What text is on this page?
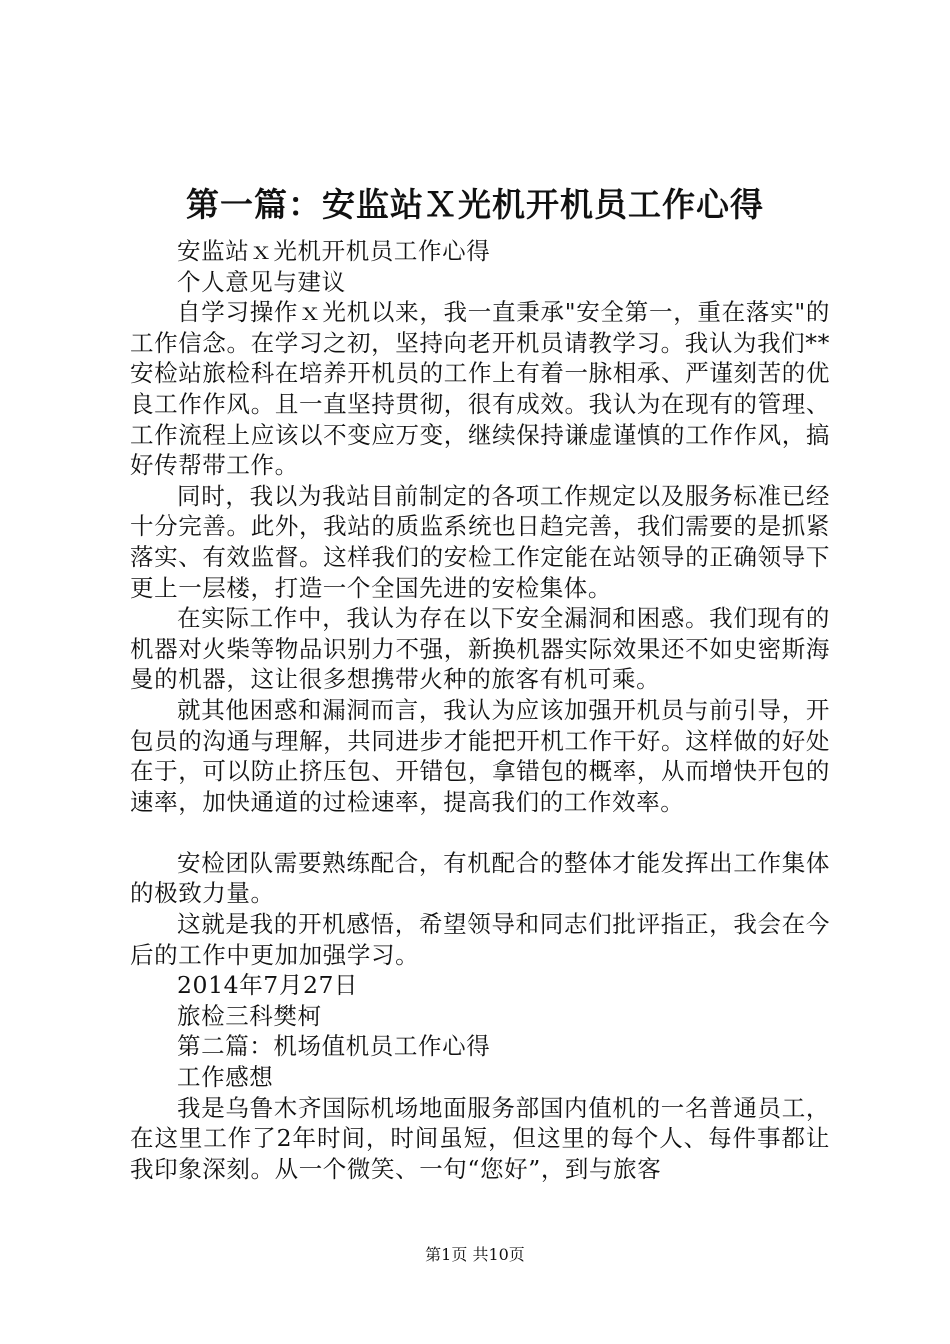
第一篇：安监站Ｘ光机开机员工作心得
安监站ｘ光机开机员工作心得
个人意见与建议

自学习操作ｘ光机以来，我一直秉承"安全第一，重在落实"的工作信念。在学习之初，坚持向老开机员请教学习。我认为我们**安检站旅检科在培养开机员的工作上有着一脉相承、严谨刻苦的优良工作作风。且一直坚持贯彻，很有成效。我认为在现有的管理、工作流程上应该以不变应万变，继续保持谦虚谨慎的工作作风，搞好传帮带工作。

同时，我以为我站目前制定的各项工作规定以及服务标准已经十分完善。此外，我站的质监系统也日趋完善，我们需要的是抓紧落实、有效监督。这样我们的安检工作定能在站领导的正确领导下更上一层楼，打造一个全国先进的安检集体。

在实际工作中，我认为存在以下安全漏洞和困惑。我们现有的机器对火柴等物品识别力不强，新换机器实际效果还不如史密斯海曼的机器，这让很多想携带火种的旅客有机可乘。

就其他困惑和漏洞而言，我认为应该加强开机员与前引导，开包员的沟通与理解，共同进步才能把开机工作干好。这样做的好处在于，可以防止挤压包、开错包，拿错包的概率，从而增快开包的速率，加快通道的过检速率，提高我们的工作效率。

安检团队需要熟练配合，有机配合的整体才能发挥出工作集体的极致力量。

这就是我的开机感悟，希望领导和同志们批评指正，我会在今后的工作中更加加强学习。

2014年7月27日
旅检三科樊柯
第二篇：机场值机员工作心得
工作感想

我是乌鲁木齐国际机场地面服务部国内值机的一名普通员工，在这里工作了2年时间，时间虽短，但这里的每个人、每件事都让我印象深刻。从一个微笑、一句“您好”，到与旅客

第1页 共10页
